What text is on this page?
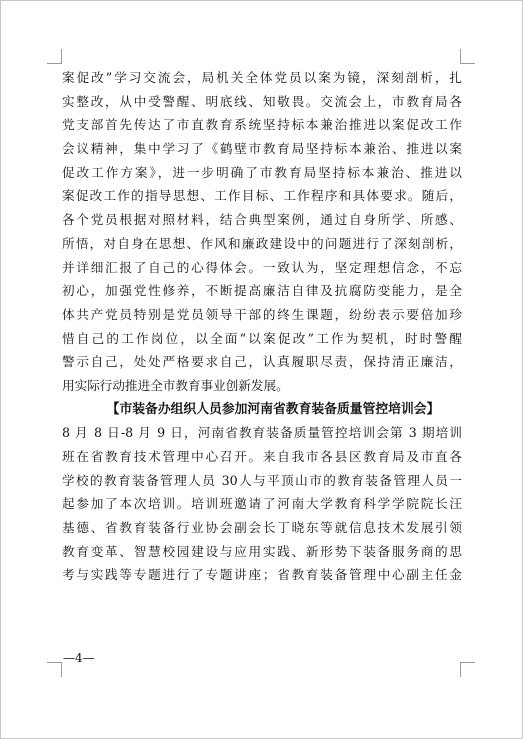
案促改”学习交流会，局机关全体党员以案为镜，深刻剖析，扎
实整改，从中受警醒、明底线、知敬畏。交流会上，市教育局各
党支部首先传达了市直教育系统坚持标本兼治推进以案促改工作
会议精神，集中学习了《鹤壁市教育局坚持标本兼治、推进以案
促改工作方案》，进一步明确了市教育局坚持标本兼治、推进以
案促改工作的指导思想、工作目标、工作程序和具体要求。随后，
各个党员根据对照材料，结合典型案例，通过自身所学、所感、
所悟，对自身在思想、作风和廉政建设中的问题进行了深刻剖析，
并详细汇报了自己的心得体会。一致认为，坚定理想信念，不忘
初心，加强党性修养，不断提高廉洁自律及抗腐防变能力，是全
体共产党员特别是党员领导干部的终生课题，纷纷表示要倍加珍
惜自己的工作岗位，以全面“以案促改”工作为契机，时时警醒
警示自己，处处严格要求自己，认真履职尽责，保持清正廉洁，
用实际行动推进全市教育事业创新发展。
【市装备办组织人员参加河南省教育装备质量管控培训会】
8 月 8 日-8 月 9 日，河南省教育装备质量管控培训会第 3 期培训
班在省教育技术管理中心召开。来自我市各县区教育局及市直各
学校的教育装备管理人员 30人与平顶山市的教育装备管理人员一
起参加了本次培训。培训班邀请了河南大学教育科学学院院长汪
基德、省教育装备行业协会副会长丁晓东等就信息技术发展引领
教育变革、智慧校园建设与应用实践、新形势下装备服务商的思
考与实践等专题进行了专题讲座；省教育装备管理中心副主任金
—4—
